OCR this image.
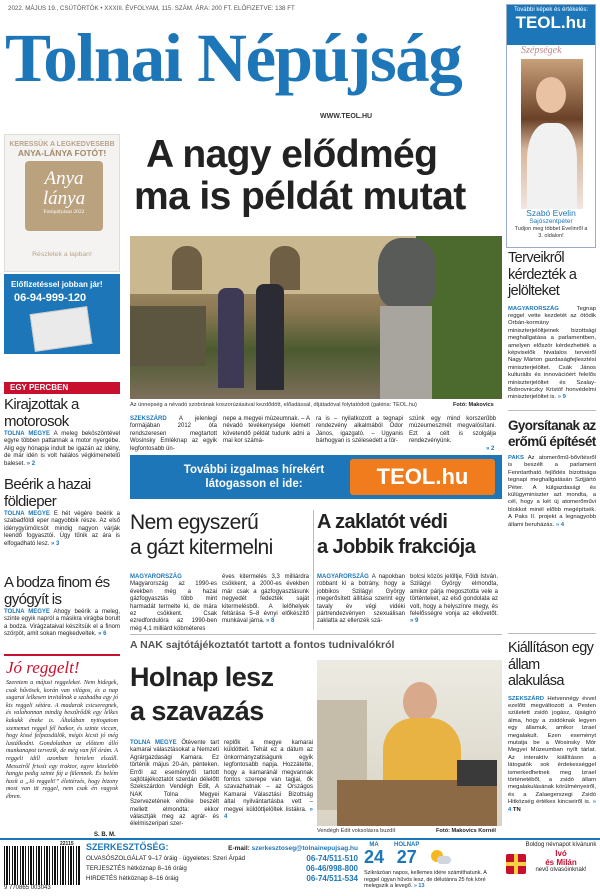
2022. MÁJUS 19., CSÜTÖRTÖK • XXXIII. ÉVFOLYAM, 115. SZÁM. ÁRA: 200 FT. ELŐFIZETVE: 138 FT
Tolnai Népújság
WWW.TEOL.HU
További képek és értékelés:
TEOL.hu
Szépségek
Szabó Evelin
Sajószentpéter
Tudjon meg többet Evelinről a 3. oldalon!
KERESSÜK A LEGKEDVESEBB
ANYA-LÁNYA FOTÓT!
Anya
lánya
Fotópályázat 2022
Részletek a lapban!
Előfizetéssel jobban jár!
06-94-999-120
A nagy elődmég
ma is példát mutat
Az ünnepség a névadó szobrának koszorúzásával kezdődött, előadással, díjátadóval folytatódott (galéria: TEOL.hu)	Fotó: Makovics
SZEKSZÁRD A jelenlegi formájában 2012 óta rendszeresen megtartott Wosinsky Emléknap az egyik legfontosabb ün-
nepe a megyei múzeumnak. – A névadó tevékenysége kiemelt követendő példát tudunk adni a mai kor számá-
ra is – nyilatkozott a tegnapi rendezvény alkalmából Ódor János, igazgató. – Ugyanis bárhogyan is szélesedett a tör-
szünk egy mind korszerűbb múzeumeszmét megvalósítani. Ezt a célt is szolgálja rendezvényünk.
» 2
További izgalmas hírekért
látogasson el ide:	TEOL.hu
EGY PERCBEN
Kirajzottak a motorosok
TOLNA MEGYE A meleg beköszöntével egyre többen pattannak a motor nyergébe. Alig egy hónapja indult be igazán az idény, de már idén is volt halálos végkimenetelű baleset. » 2
Beérik a hazai földieper
TOLNA MEGYE E hét végére beérik a szabadföldi eper nagyobbik része. Az első idénygyümölcsöt mindig nagyon várják leendő fogyasztói. Úgy tűnik az ára is elfogadható lesz. » 3
A bodza finom és gyógyít is
TOLNA MEGYE Ahogy beérik a meleg, szinte egyik napról a másikra virágba borult a bodza. Virágzataival készítsük el a finom szörpöt, amit sokan megkedveltek. » 6
Jó reggelt!
Szeretem a májusi reggeleket. Nem hidegek, csak hűvösek, korán van világos, és a nap sugarai lelkesen invitálnak a szabadba egy jó kis reggeli sétára. A madarak csicseregnek, és valahonnan mindig beszűrődik egy lelkes kakukk éneke is. Általában nyitogatom szememet reggel fél hatkor, és szinte viccen, hogy kissé felpezsdülök, mégis kicsit jó még lustálkodni. Gondolatban az előttem álló munkanapot tervezik, de még van fél órám. A reggeli idill azonban hirtelen elszáll. Messziről frissít egy traktor, egyre közelebb hangja pedig szinte fáj a fülemnek. És belém hasít a „Jó reggelt!” élettérzés, hogy bizony most van itt reggel, nem csak én vagyok ébren.
S. B. M.
Terveikről kérdezték a jelölteket
MAGYARORSZÁG	Tegnap reggel vette kezdetét az ötödik Orbán-kormány miniszterjelöltjeinek bizottsági meghallgatása a parlamentben, amelyen először kérdezhették a képviselők hivatalos terveiről Nagy Márton gazdaságfejlesztési miniszterjelöltet. Csák János kulturális és innovációért felelős miniszterjelöltet és Szalay-Bobrovniczky Kristóf honvédelmi miniszterjelöltet is. » 9
Gyorsítanak az erőmű építését
PAKS Az atomerőmű-bővítésről is beszélt a parlament Fenntartható fejlődés bizottsága tegnapi meghallgatásán Szijjártó Péter. A külgazdasági és külügyminiszter azt mondta, a cél, hogy a két új atomerőművi blokkot minél előbb megépítsék. A Paks II. projekt a legnagyobb állami beruházás. » 4
Kiállításon egy állam alakulása
SZEKSZÁRD Hetvennégy évvel ezelőtt megváltozott a Pesten született zsidó jogász, újságíró álma, hogy a zsidóknak legyen egy államuk, amikor Izrael megalakult. Ezen eseményt mutatja be a Wosinsky Mór Megyei Múzeumban nyílt tárlat. Az interaktív kiállításon a látogatók sok érdekességgel ismerkedhetnek meg Izrael történetéből, a zsidó állam megalakulásának körülményeiről, és a Zalaegerszegi Zsidó Hitközség értékes kincseiről is. » 4 TN
Nem egyszerű
a gázt kitermelni
MAGYARORSZÁG Magyarország az 1990-es években még a hazai gázfogyasztás több mint harmadát termelte ki, de mára ez csökkent. Csak ezredfordulóra az 1990-ben még 4,1 milliárd köbméteres
éves kitermelés 3,3 milliárdra csökkent, a 2000-es években már csak a gázfogyasztásunk negyedét fedezték saját kitermelésből. A lelőhelyek feltárása 5–8 évnyi előkészítő munkával járna. » 8
A zaklatót védi
a Jobbik frakciója
MAGYARORSZÁG A napokban robbant ki a botrány, hogy a jobbikos Szilágyi György megerősített állítása szerint egy tavaly év végi vidéki pártrendezvényen szexuálisan zaklatta az ellenzék szá-
bolcsi közös jelöltje, Földi István. Szilágyi György elmondta, amikor párja megosztotta vele a történteket, az első gondolata az volt, hogy a helyszínre megy, és felelősségre vonja az elkövetőt. » 9
A NAK sajtótájékoztatót tartott a fontos tudnivalókról
Holnap lesz
a szavazás
TOLNA MEGYE Ötévente tart kamarai választásokat a Nemzeti Agrárgazdasági Kamara. Ez történik május 20-án, pénteken. Erről az eseményről tartott sajtótájékoztatót szerdán délelőtt Szekszárdon Vendégh Edit, A NAK Tolna Megyei Szervezetének elnöke beszélt mellett elmondta: ekkor választják meg az agrár- és élelmiszeripari szer-
replők a megye kamarai küldötteit. Tehát ez a dátum az önkormányzatiságunk egyik legfontosabb napja. Hozzátette, hogy a kamaránál megvannak fontos szerepe van tagjai, ők szavazhatnak – az Országos Kamarai Választási Bizottság által nyilvántartásba vett – megyei küldöttjelöltek listákra. » 4
Vendégh Edit voksolásra buzdít	Fotó: Makovics Kornél
9 770865 003043
22115 SZERKESZTŐSÉG:	E-mail: szerkesztoseg@tolnainepujsag.hu
OLVASÓSZOLGÁLAT 9–17 óráig · ügyeletes: Szeri Árpád	06-74/511-510
TERJESZTÉS hétköznap 8–16 óráig	06-46/998-800
HIRDETÉS hétköznap 8–16 óráig	06-74/511-534
MA
24
HOLNAP
27
Szikrázóan napos, kellemes idére számíthatunk. A reggel úgyan hűvös lesz, de délutánra 25 fok köré melegszik a levegő. » 13
Boldog névnapot kívánunk
Ivó
és Milán
nevű olvasóinknak!
